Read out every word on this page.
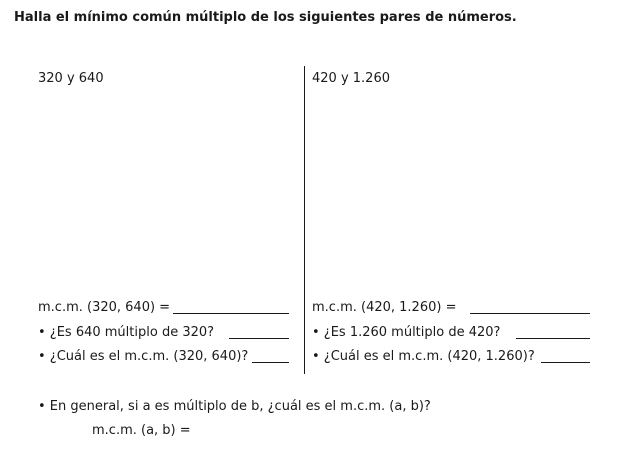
Halla el mínimo común múltiplo de los siguientes pares de números.
320 y 640	420 y 1.260
m.c.m. (320, 640) =
• ¿Es 640 múltiplo de 320?
• ¿Cuál es el m.c.m. (320, 640)?
m.c.m. (420, 1.260) =
• ¿Es 1.260 múltiplo de 420?
• ¿Cuál es el m.c.m. (420, 1.260)?
• En general, si a es múltiplo de b, ¿cuál es el m.c.m. (a, b)?
m.c.m. (a, b) =
